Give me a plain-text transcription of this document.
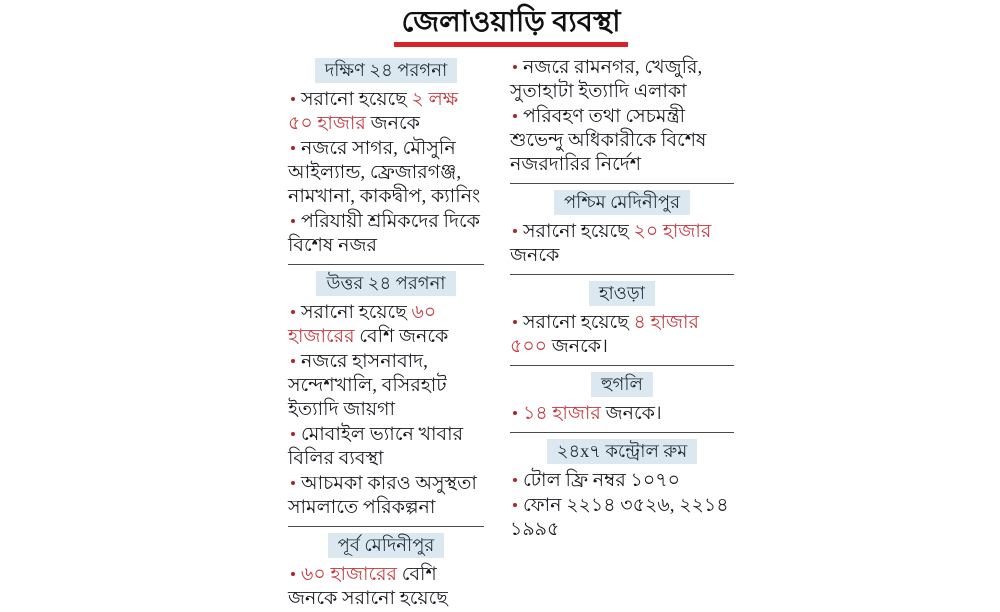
জেলাওয়াড়ি ব্যবস্থা
দক্ষিণ ২৪ পরগনা
সরানো হয়েছে ২ লক্ষ ৫০ হাজার জনকে
নজরে সাগর, মৌসুনি আইল্যান্ড, ফ্রেজারগঞ্জ, নামখানা, কাকদ্বীপ, ক্যানিং
পরিযায়ী শ্রমিকদের দিকে বিশেষ নজর
উত্তর ২৪ পরগনা
সরানো হয়েছে ৬০ হাজারের বেশি জনকে
নজরে হাসনাবাদ, সন্দেশখালি, বসিরহাট ইত্যাদি জায়গা
মোবাইল ভ্যানে খাবার বিলির ব্যবস্থা
আচমকা কারও অসুস্থতা সামলাতে পরিকল্পনা
পূর্ব মেদিনীপুর
৬০ হাজারের বেশি জনকে সরানো হয়েছে
নজরে রামনগর, খেজুরি, সুতাহাটা ইত্যাদি এলাকা
পরিবহণ তথা সেচমন্ত্রী শুভেন্দু অধিকারীকে বিশেষ নজরদারির নির্দেশ
পশ্চিম মেদিনীপুর
সরানো হয়েছে ২০ হাজার জনকে
হাওড়া
সরানো হয়েছে ৪ হাজার ৫০০ জনকে।
হুগলি
১৪ হাজার জনকে।
২৪x৭ কন্ট্রোল রুম
টোল ফ্রি নম্বর ১০৭০
ফোন ২২১৪ ৩৫২৬, ২২১৪ ১৯৯৫
